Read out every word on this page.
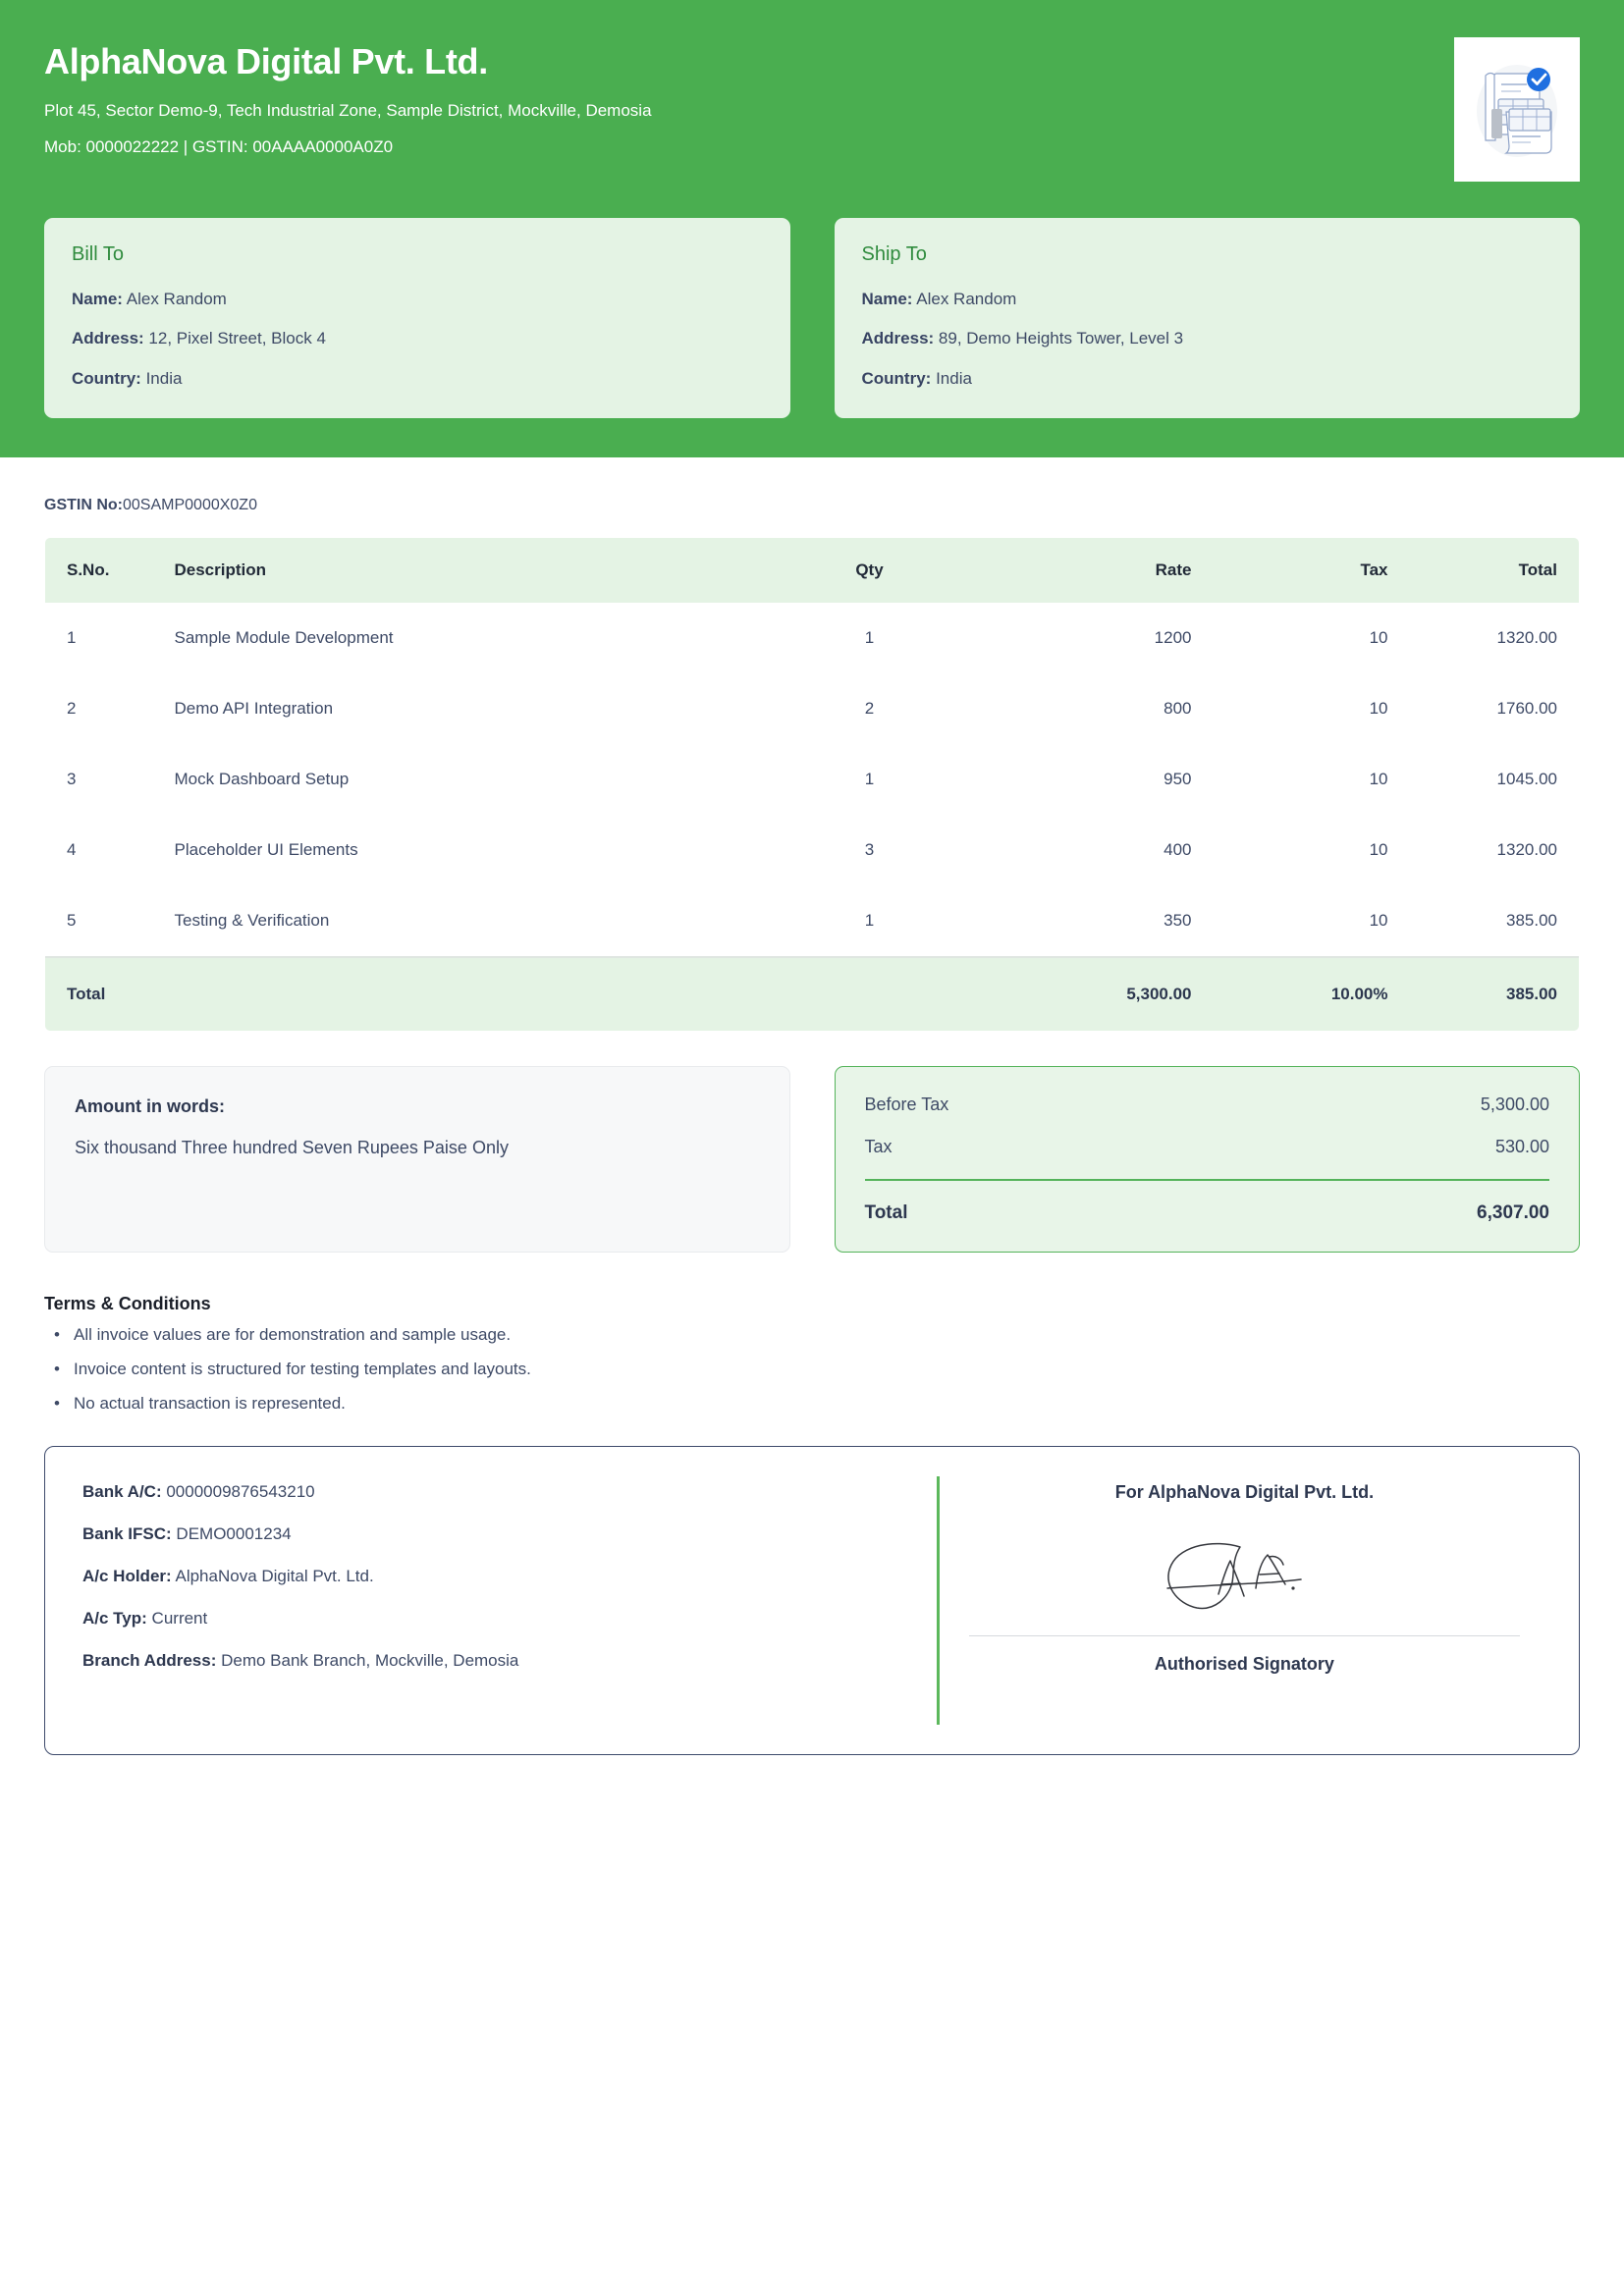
AlphaNova Digital Pvt. Ltd.
Plot 45, Sector Demo-9, Tech Industrial Zone, Sample District, Mockville, Demosia
Mob: 0000022222 | GSTIN: 00AAAA0000A0Z0
Bill To
Name: Alex Random
Address: 12, Pixel Street, Block 4
Country: India
Ship To
Name: Alex Random
Address: 89, Demo Heights Tower, Level 3
Country: India
GSTIN No:00SAMP0000X0Z0
S.No.	Description	Qty	Rate	Tax	Total
1	Sample Module Development	1	1200	10	1320.00
2	Demo API Integration	2	800	10	1760.00
3	Mock Dashboard Setup	1	950	10	1045.00
4	Placeholder UI Elements	3	400	10	1320.00
5	Testing & Verification	1	350	10	385.00
Total			5,300.00	10.00%	385.00
Amount in words:
Six thousand Three hundred Seven Rupees Paise Only
Before Tax	5,300.00
Tax	530.00
Total	6,307.00
Terms & Conditions
• All invoice values are for demonstration and sample usage.
• Invoice content is structured for testing templates and layouts.
• No actual transaction is represented.
Bank A/C: 0000009876543210
Bank IFSC: DEMO0001234
A/c Holder: AlphaNova Digital Pvt. Ltd.
A/c Typ: Current
Branch Address: Demo Bank Branch, Mockville, Demosia
For AlphaNova Digital Pvt. Ltd.
Authorised Signatory
